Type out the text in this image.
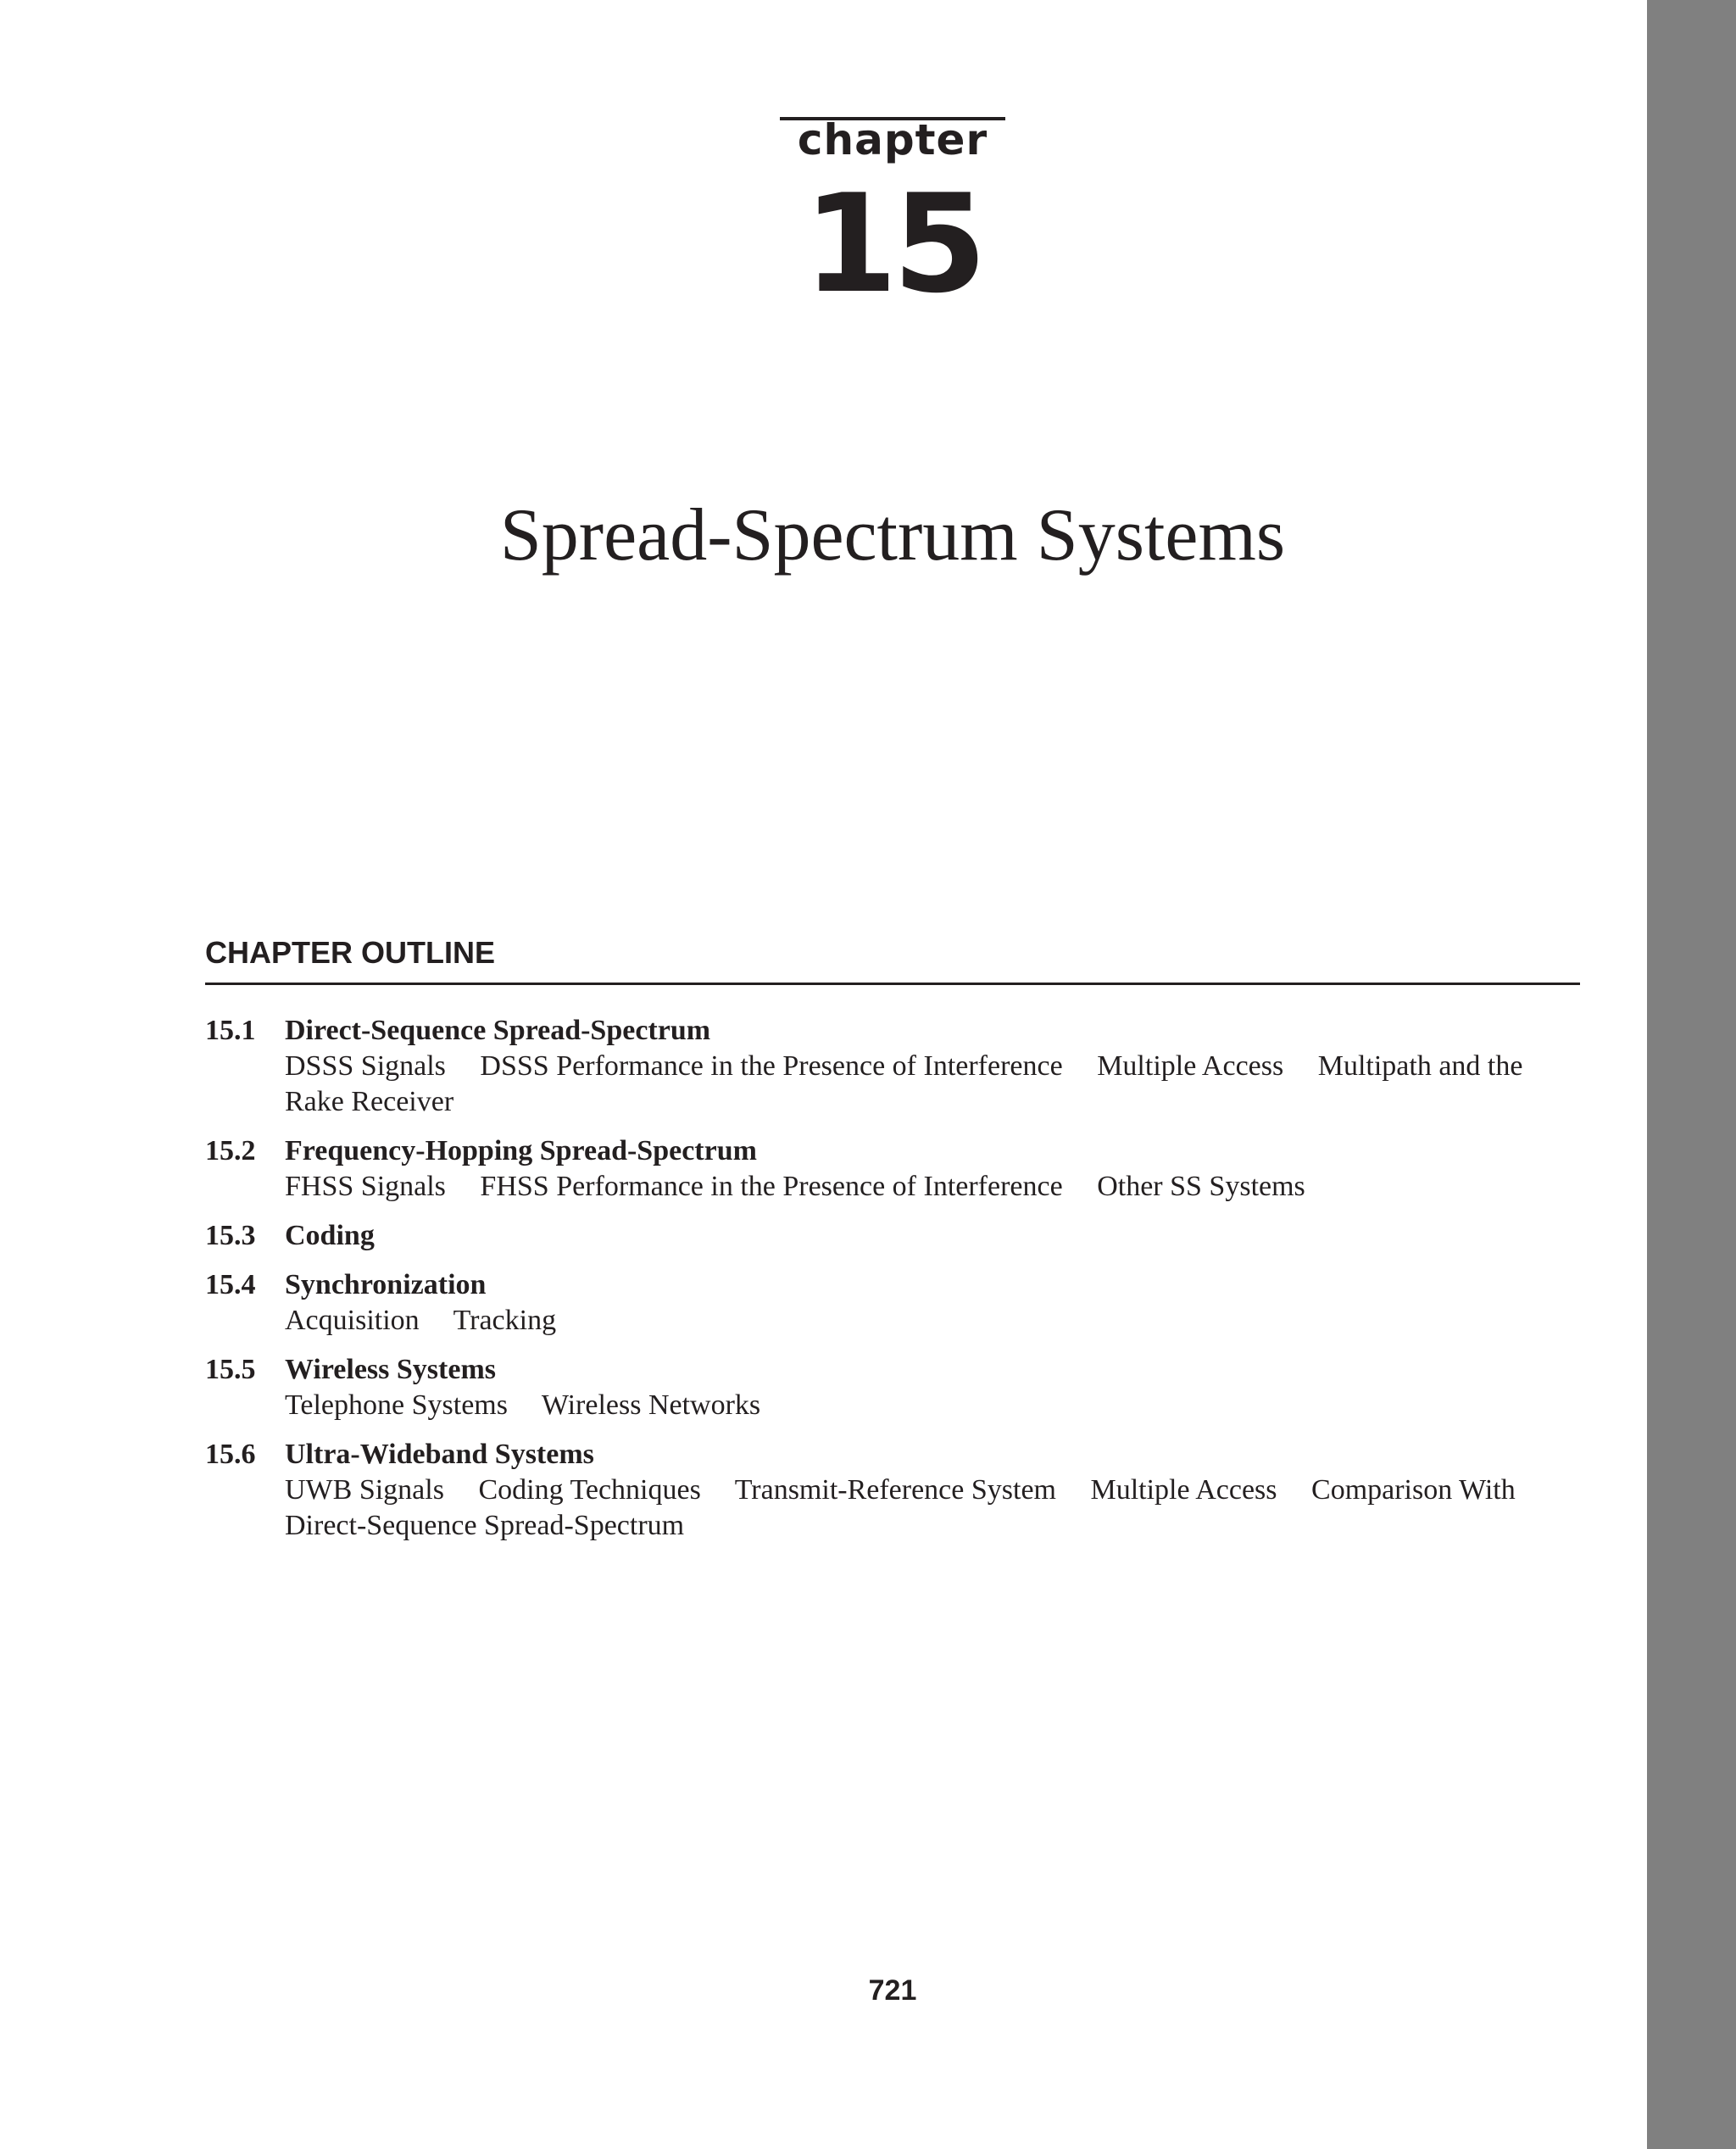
chapter
15
Spread-Spectrum Systems
CHAPTER OUTLINE
15.1	Direct-Sequence Spread-Spectrum
DSSS Signals DSSS Performance in the Presence of Interference Multiple Access Multipath and the Rake Receiver
15.2	Frequency-Hopping Spread-Spectrum
FHSS Signals FHSS Performance in the Presence of Interference Other SS Systems
15.3	Coding
15.4	Synchronization
Acquisition Tracking
15.5	Wireless Systems
Telephone Systems Wireless Networks
15.6	Ultra-Wideband Systems
UWB Signals Coding Techniques Transmit-Reference System Multiple Access Comparison With Direct-Sequence Spread-Spectrum
721
